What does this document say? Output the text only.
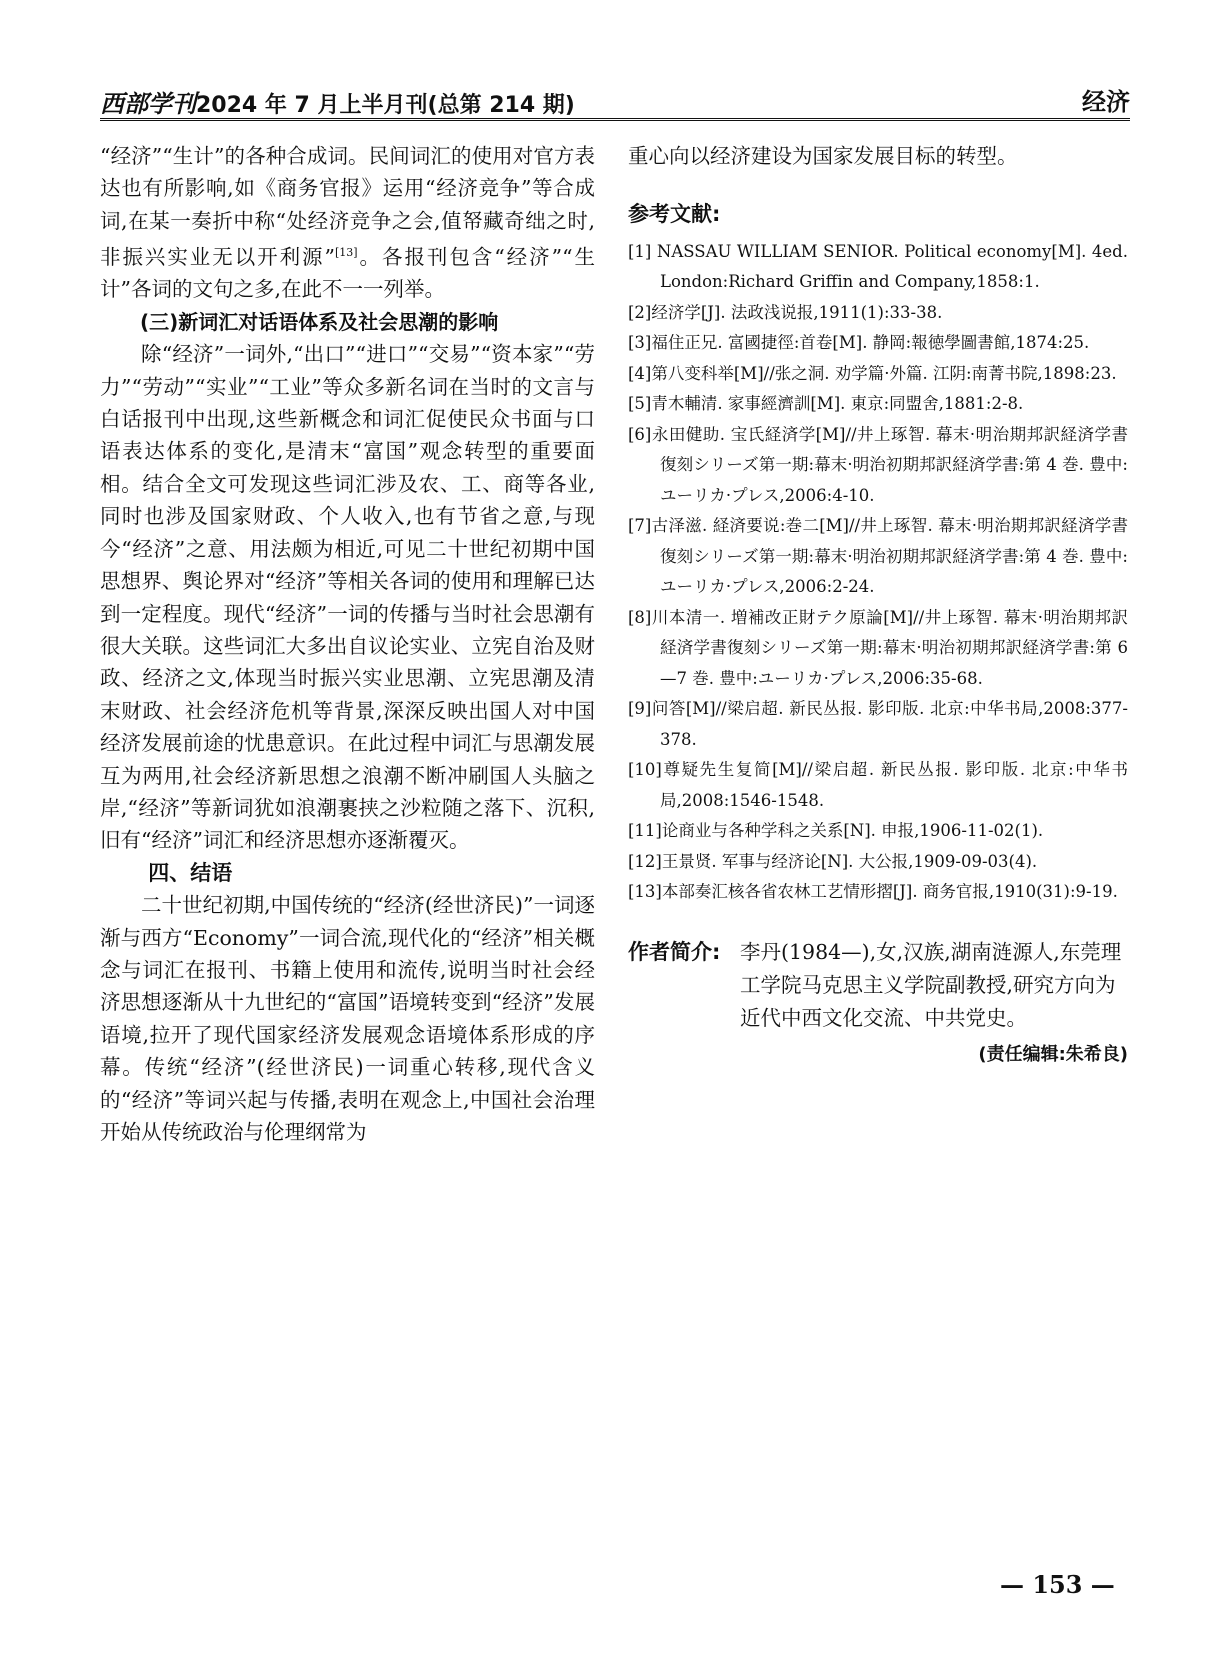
西部学刊2024 年 7 月上半月刊(总第 214 期)	经济

“经济”“生计”的各种合成词。民间词汇的使用对官方表达也有所影响,如《商务官报》运用“经济竞争”等合成词,在某一奏折中称“处经济竞争之会,值帑藏奇绌之时,非振兴实业无以开利源”[13]。各报刊包含“经济”“生计”各词的文句之多,在此不一一列举。

(三)新词汇对话语体系及社会思潮的影响

除“经济”一词外,“出口”“进口”“交易”“资本家”“劳力”“劳动”“实业”“工业”等众多新名词在当时的文言与白话报刊中出现,这些新概念和词汇促使民众书面与口语表达体系的变化,是清末“富国”观念转型的重要面相。结合全文可发现这些词汇涉及农、工、商等各业,同时也涉及国家财政、个人收入,也有节省之意,与现今“经济”之意、用法颇为相近,可见二十世纪初期中国思想界、舆论界对“经济”等相关各词的使用和理解已达到一定程度。现代“经济”一词的传播与当时社会思潮有很大关联。这些词汇大多出自议论实业、立宪自治及财政、经济之文,体现当时振兴实业思潮、立宪思潮及清末财政、社会经济危机等背景,深深反映出国人对中国经济发展前途的忧患意识。在此过程中词汇与思潮发展互为两用,社会经济新思想之浪潮不断冲刷国人头脑之岸,“经济”等新词犹如浪潮裹挟之沙粒随之落下、沉积,旧有“经济”词汇和经济思想亦逐渐覆灭。

四、结语

二十世纪初期,中国传统的“经济(经世济民)”一词逐渐与西方“Economy”一词合流,现代化的“经济”相关概念与词汇在报刊、书籍上使用和流传,说明当时社会经济思想逐渐从十九世纪的“富国”语境转变到“经济”发展语境,拉开了现代国家经济发展观念语境体系形成的序幕。传统“经济”(经世济民)一词重心转移,现代含义的“经济”等词兴起与传播,表明在观念上,中国社会治理开始从传统政治与伦理纲常为

重心向以经济建设为国家发展目标的转型。

参考文献:

[1] NASSAU WILLIAM SENIOR. Political economy[M]. 4ed. London:Richard Griffin and Company,1858:1.

[2]经济学[J]. 法政浅说报,1911(1):33-38.

[3]福住正兄. 富國捷徑:首卷[M]. 静岡:報徳學圖書館,1874:25.

[4]第八变科举[M]//张之洞. 劝学篇·外篇. 江阴:南菁书院,1898:23.

[5]青木輔清. 家事經濟訓[M]. 東京:同盟舍,1881:2-8.

[6]永田健助. 宝氏経済学[M]//井上琢智. 幕末·明治期邦訳経済学書復刻シリーズ第一期:幕末·明治初期邦訳経済学書:第 4 巻. 豊中:ユーリカ·プレス,2006:4-10.

[7]古泽滋. 経済要说:巻二[M]//井上琢智. 幕末·明治期邦訳経済学書復刻シリーズ第一期:幕末·明治初期邦訳経済学書:第 4 巻. 豊中:ユーリカ·プレス,2006:2-24.

[8]川本清一. 増補改正財テク原論[M]//井上琢智. 幕末·明治期邦訳経済学書復刻シリーズ第一期:幕末·明治初期邦訳経済学書:第 6—7 巻. 豊中:ユーリカ·プレス,2006:35-68.

[9]问答[M]//梁启超. 新民丛报. 影印版. 北京:中华书局,2008:377-378.

[10]尊疑先生复简[M]//梁启超. 新民丛报. 影印版. 北京:中华书局,2008:1546-1548.

[11]论商业与各种学科之关系[N]. 申报,1906-11-02(1).

[12]王景贤. 军事与经济论[N]. 大公报,1909-09-03(4).

[13]本部奏汇核各省农林工艺情形摺[J]. 商务官报,1910(31):9-19.

作者简介: 李丹(1984—),女,汉族,湖南涟源人,东莞理工学院马克思主义学院副教授,研究方向为近代中西文化交流、中共党史。
(责任编辑:朱希良)
— 153 —
